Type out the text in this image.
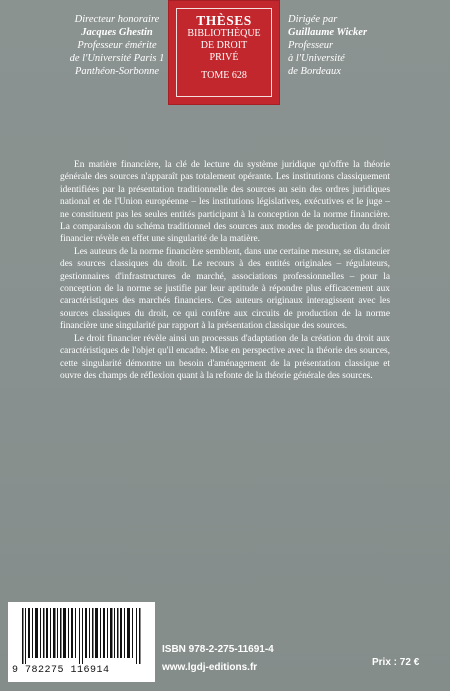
Directeur honoraire
Jacques Ghestin
Professeur émérite
de l'Université Paris 1
Panthéon-Sorbonne
THÈSES
BIBLIOTHÈQUE
DE DROIT
PRIVÉ
TOME 628
Dirigée par
Guillaume Wicker
Professeur
à l'Université
de Bordeaux

En matière financière, la clé de lecture du système juridique qu'offre la théorie générale des sources n'apparaît pas totalement opérante. Les institutions classiquement identifiées par la présentation traditionnelle des sources au sein des ordres juridiques national et de l'Union européenne – les institutions législatives, exécutives et le juge – ne constituent pas les seules entités participant à la conception de la norme financière. La comparaison du schéma traditionnel des sources aux modes de production du droit financier révèle en effet une singularité de la matière.

Les auteurs de la norme financière semblent, dans une certaine mesure, se distancier des sources classiques du droit. Le recours à des entités originales – régulateurs, gestionnaires d'infrastructures de marché, associations professionnelles – pour la conception de la norme se justifie par leur aptitude à répondre plus efficacement aux caractéristiques des marchés financiers. Ces auteurs originaux interagissent avec les sources classiques du droit, ce qui confère aux circuits de production de la norme financière une singularité par rapport à la présentation classique des sources.

Le droit financier révèle ainsi un processus d'adaptation de la création du droit aux caractéristiques de l'objet qu'il encadre. Mise en perspective avec la théorie des sources, cette singularité démontre un besoin d'aménagement de la présentation classique et ouvre des champs de réflexion quant à la refonte de la théorie générale des sources.

9 782275 116914
ISBN 978-2-275-11691-4
www.lgdj-editions.fr	Prix : 72 €
